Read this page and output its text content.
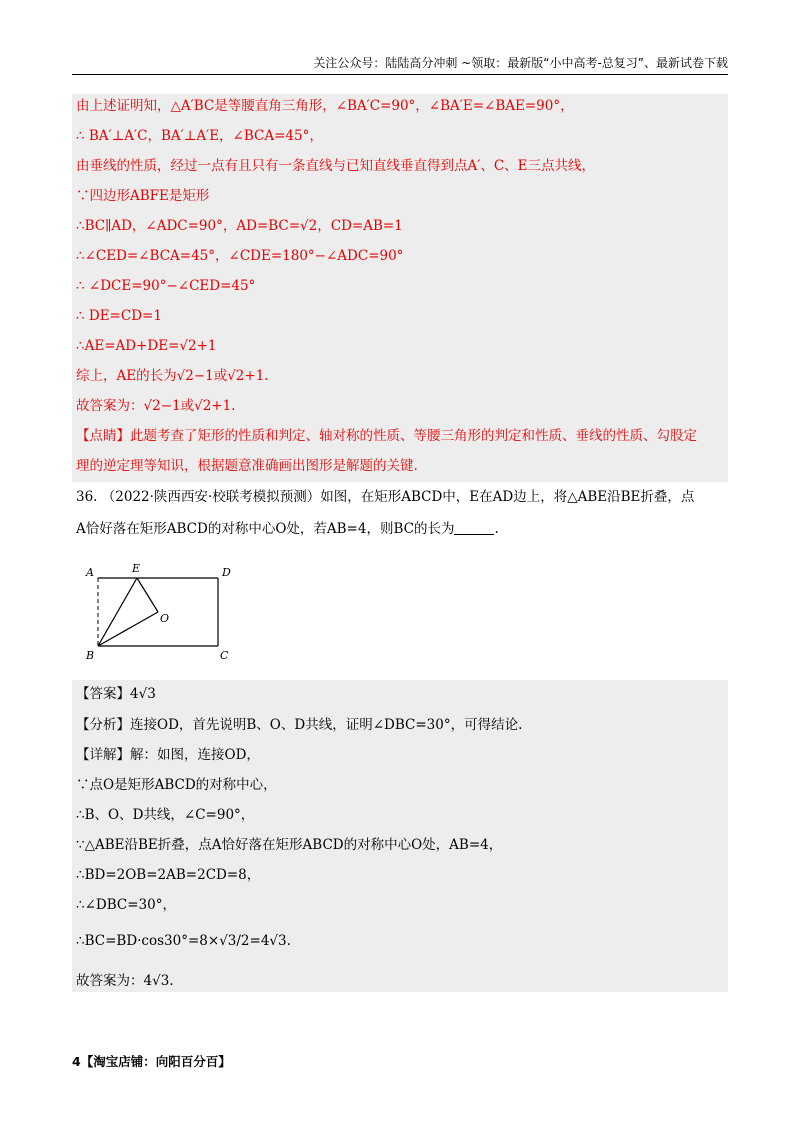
关注公众号：陆陆高分冲刺 ~领取：最新版“小中高考-总复习”、最新试卷下载
由上述证明知，△A′BC是等腰直角三角形，∠BA′C=90°，∠BA′E=∠BAE=90°，
∴ BA′⊥A′C，BA′⊥A′E，∠BCA=45°，
由垂线的性质，经过一点有且只有一条直线与已知直线垂直得到点A′、C、E三点共线，
∵四边形ABFE是矩形
∴BC∥AD，∠ADC=90°，AD=BC=√2，CD=AB=1
∴∠CED=∠BCA=45°，∠CDE=180°−∠ADC=90°
∴ ∠DCE=90°−∠CED=45°
∴ DE=CD=1
∴AE=AD+DE=√2+1
综上，AE的长为√2−1或√2+1.
故答案为：√2−1或√2+1.
【点睛】此题考查了矩形的性质和判定、轴对称的性质、等腰三角形的判定和性质、垂线的性质、勾股定
理的逆定理等知识，根据题意准确画出图形是解题的关键.
36. （2022·陕西西安·校联考模拟预测）如图，在矩形ABCD中，E在AD边上，将△ABE沿BE折叠，点
A恰好落在矩形ABCD的对称中心O处，若AB=4，则BC的长为	.
A	E	D
O
B	C
【答案】4√3
【分析】连接OD，首先说明B、O、D共线，证明∠DBC=30°，可得结论.
【详解】解：如图，连接OD，
∵点O是矩形ABCD的对称中心，
∴B、O、D共线，∠C=90°，
∵△ABE沿BE折叠，点A恰好落在矩形ABCD的对称中心O处，AB=4，
∴BD=2OB=2AB=2CD=8，
∴∠DBC=30°，
∴BC=BD·cos30°=8×√3/2=4√3.
故答案为：4√3.
4【淘宝店铺：向阳百分百】
